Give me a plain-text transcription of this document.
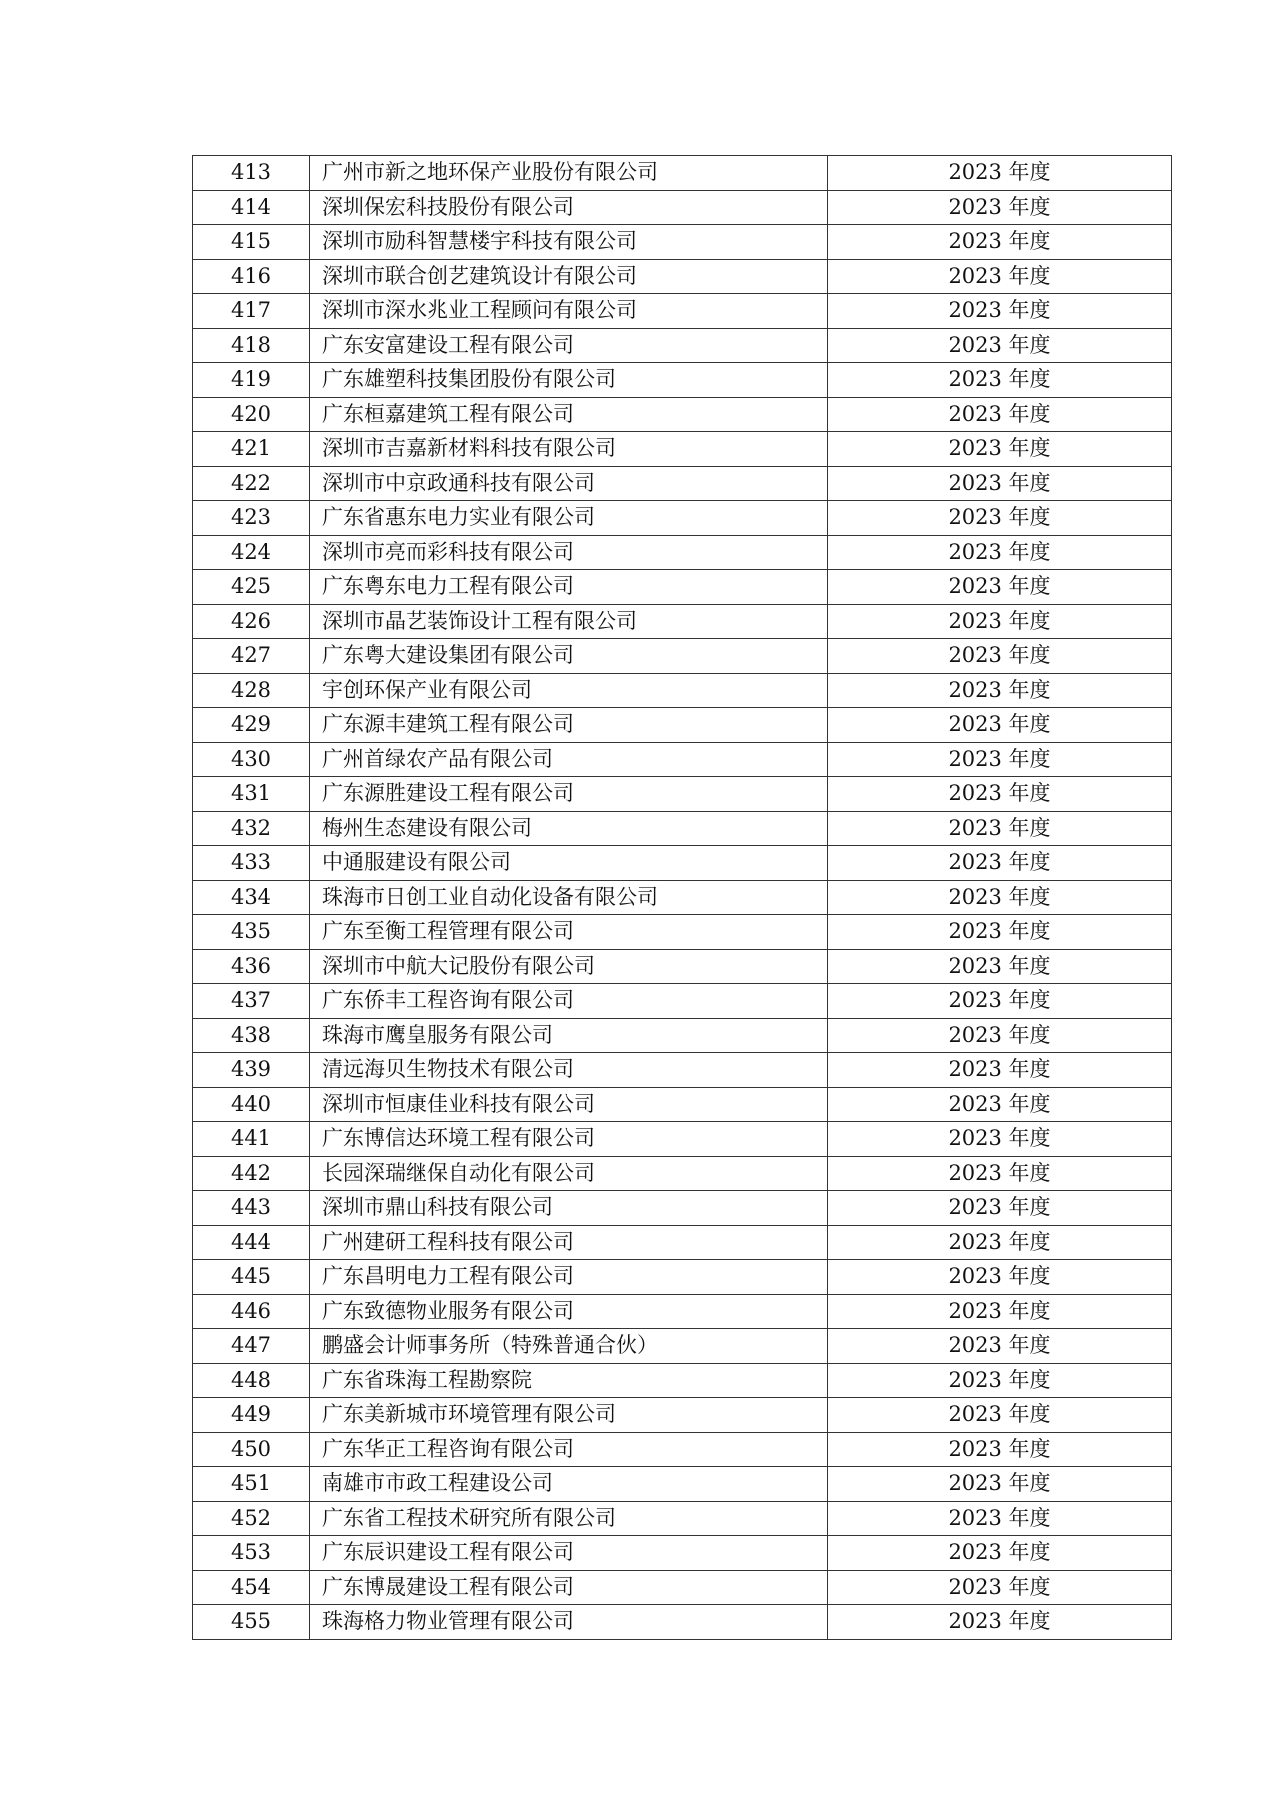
413	广州市新之地环保产业股份有限公司	2023 年度
414	深圳保宏科技股份有限公司	2023 年度
415	深圳市励科智慧楼宇科技有限公司	2023 年度
416	深圳市联合创艺建筑设计有限公司	2023 年度
417	深圳市深水兆业工程顾问有限公司	2023 年度
418	广东安富建设工程有限公司	2023 年度
419	广东雄塑科技集团股份有限公司	2023 年度
420	广东桓嘉建筑工程有限公司	2023 年度
421	深圳市吉嘉新材料科技有限公司	2023 年度
422	深圳市中京政通科技有限公司	2023 年度
423	广东省惠东电力实业有限公司	2023 年度
424	深圳市亮而彩科技有限公司	2023 年度
425	广东粤东电力工程有限公司	2023 年度
426	深圳市晶艺装饰设计工程有限公司	2023 年度
427	广东粤大建设集团有限公司	2023 年度
428	宇创环保产业有限公司	2023 年度
429	广东源丰建筑工程有限公司	2023 年度
430	广州首绿农产品有限公司	2023 年度
431	广东源胜建设工程有限公司	2023 年度
432	梅州生态建设有限公司	2023 年度
433	中通服建设有限公司	2023 年度
434	珠海市日创工业自动化设备有限公司	2023 年度
435	广东至衡工程管理有限公司	2023 年度
436	深圳市中航大记股份有限公司	2023 年度
437	广东侨丰工程咨询有限公司	2023 年度
438	珠海市鹰皇服务有限公司	2023 年度
439	清远海贝生物技术有限公司	2023 年度
440	深圳市恒康佳业科技有限公司	2023 年度
441	广东博信达环境工程有限公司	2023 年度
442	长园深瑞继保自动化有限公司	2023 年度
443	深圳市鼎山科技有限公司	2023 年度
444	广州建研工程科技有限公司	2023 年度
445	广东昌明电力工程有限公司	2023 年度
446	广东致德物业服务有限公司	2023 年度
447	鹏盛会计师事务所（特殊普通合伙）	2023 年度
448	广东省珠海工程勘察院	2023 年度
449	广东美新城市环境管理有限公司	2023 年度
450	广东华正工程咨询有限公司	2023 年度
451	南雄市市政工程建设公司	2023 年度
452	广东省工程技术研究所有限公司	2023 年度
453	广东辰识建设工程有限公司	2023 年度
454	广东博晟建设工程有限公司	2023 年度
455	珠海格力物业管理有限公司	2023 年度
